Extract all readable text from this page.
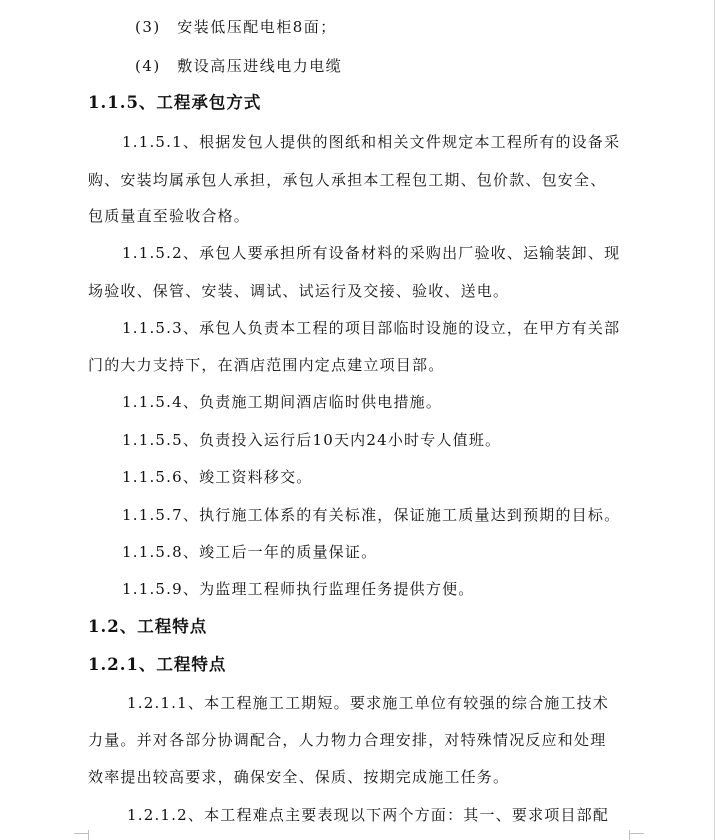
(3)　安装低压配电柜8面；
(4)　敷设高压进线电力电缆
1.1.5、工程承包方式
1.1.5.1、根据发包人提供的图纸和相关文件规定本工程所有的设备采
购、安装均属承包人承担，承包人承担本工程包工期、包价款、包安全、
包质量直至验收合格。
1.1.5.2、承包人要承担所有设备材料的采购出厂验收、运输装卸、现
场验收、保管、安装、调试、试运行及交接、验收、送电。
1.1.5.3、承包人负责本工程的项目部临时设施的设立，在甲方有关部
门的大力支持下，在酒店范围内定点建立项目部。
1.1.5.4、负责施工期间酒店临时供电措施。
1.1.5.5、负责投入运行后10天内24小时专人值班。
1.1.5.6、竣工资料移交。
1.1.5.7、执行施工体系的有关标准，保证施工质量达到预期的目标。
1.1.5.8、竣工后一年的质量保证。
1.1.5.9、为监理工程师执行监理任务提供方便。
1.2、工程特点
1.2.1、工程特点
1.2.1.1、本工程施工工期短。要求施工单位有较强的综合施工技术
力量。并对各部分协调配合，人力物力合理安排，对特殊情况反应和处理
效率提出较高要求，确保安全、保质、按期完成施工任务。
1.2.1.2、本工程难点主要表现以下两个方面：其一、要求项目部配
